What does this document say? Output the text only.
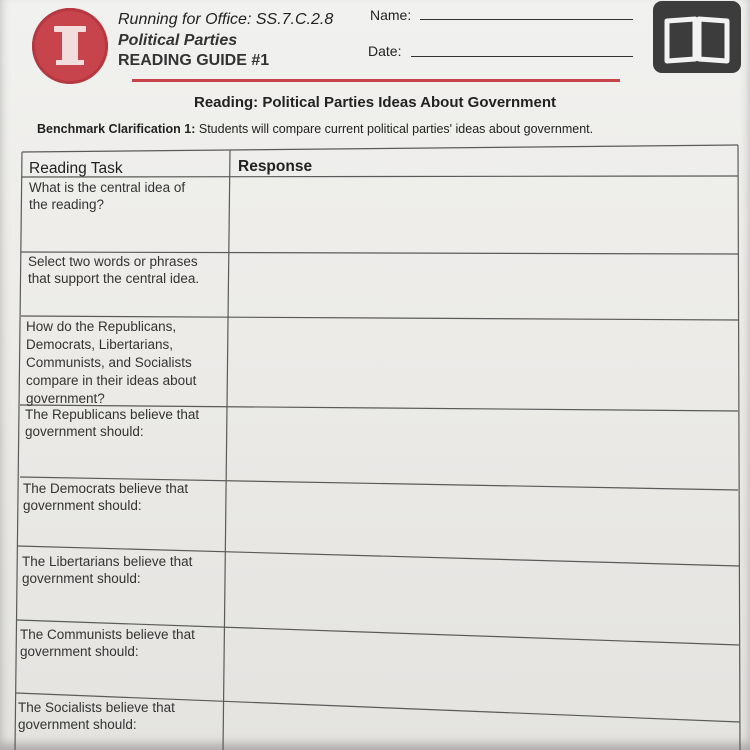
Running for Office: SS.7.C.2.8
Political Parties
READING GUIDE #1
Name:
Date:
Reading: Political Parties Ideas About Government
Benchmark Clarification 1: Students will compare current political parties' ideas about government.
Reading Task	Response
What is the central idea of
the reading?
Select two words or phrases
that support the central idea.
How do the Republicans,
Democrats, Libertarians,
Communists, and Socialists
compare in their ideas about
government?
The Republicans believe that
government should:
The Democrats believe that
government should:
The Libertarians believe that
government should:
The Communists believe that
government should:
The Socialists believe that
government should:
